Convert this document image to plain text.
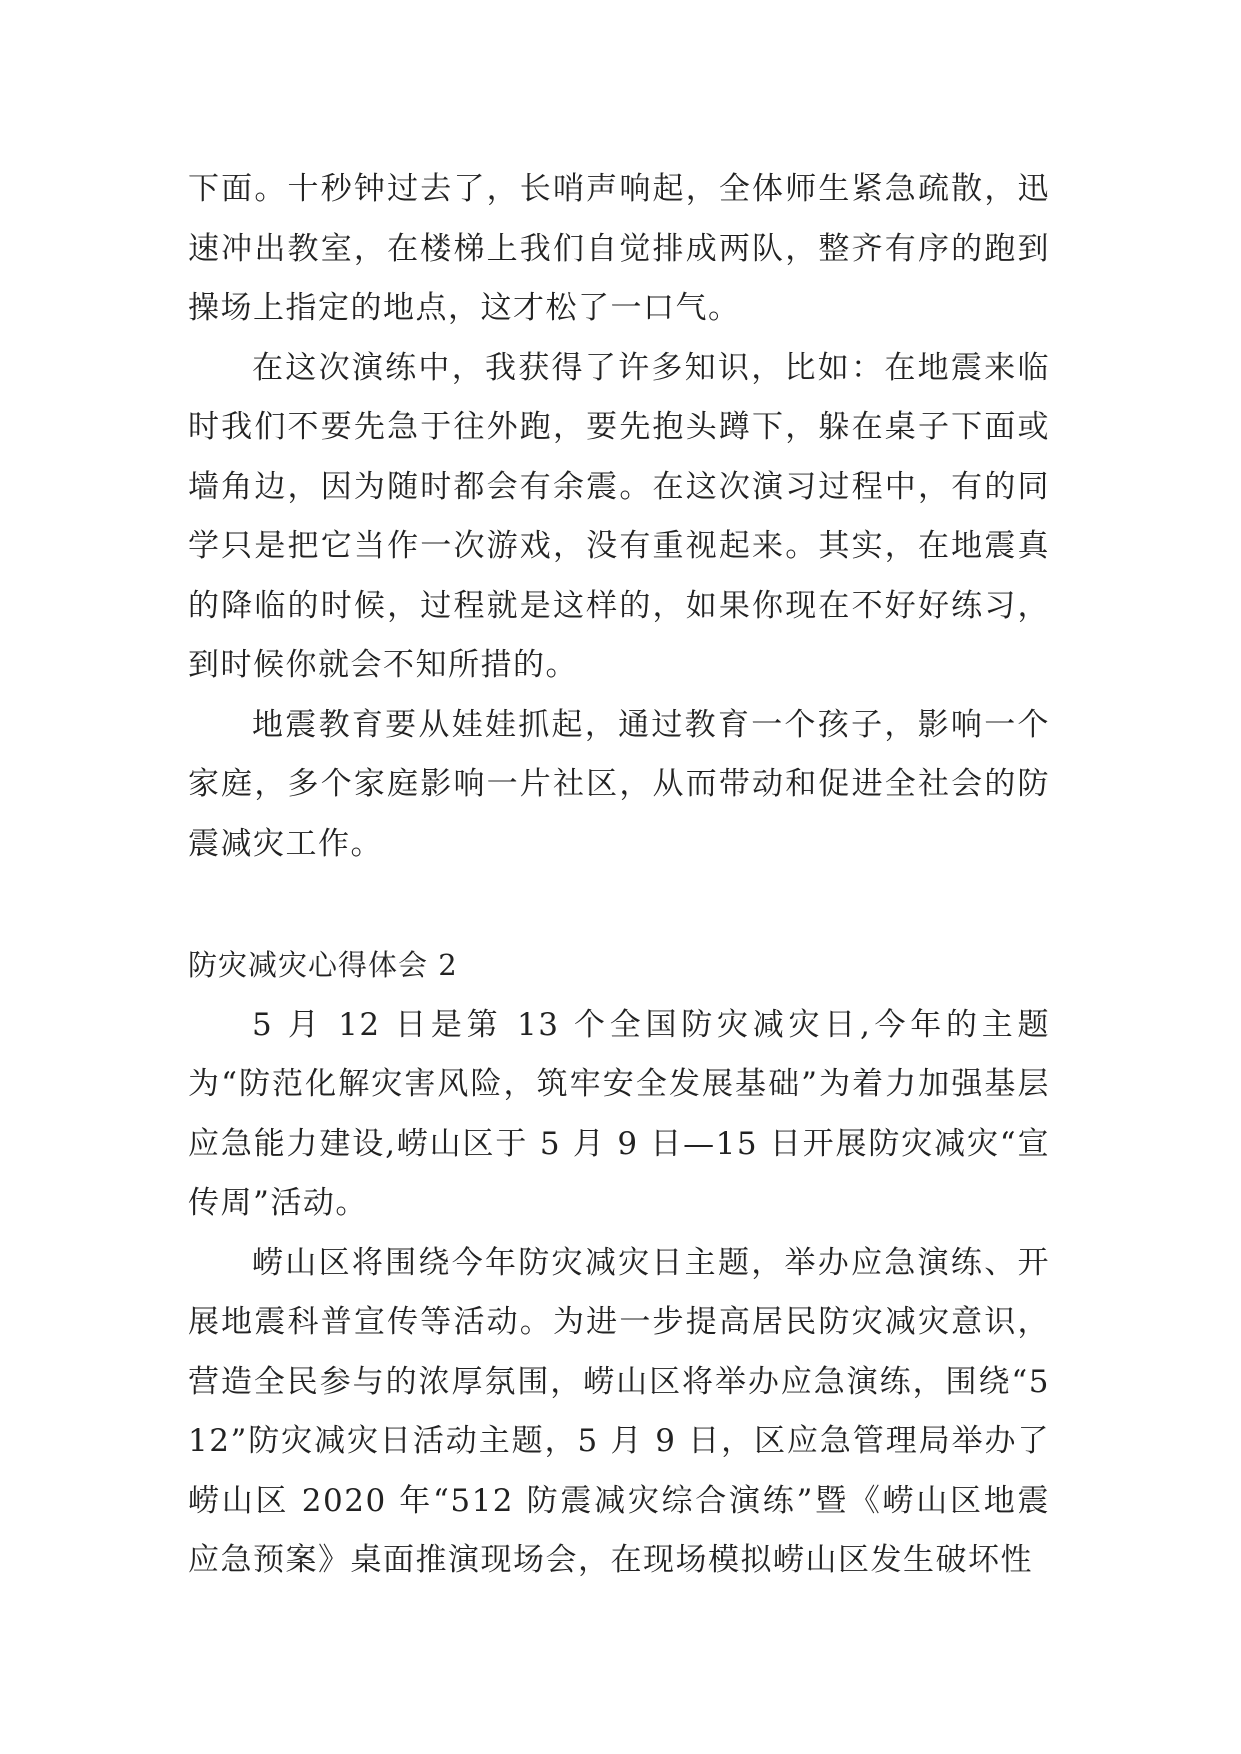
下面。十秒钟过去了，长哨声响起，全体师生紧急疏散，迅速冲出教室，在楼梯上我们自觉排成两队，整齐有序的跑到操场上指定的地点，这才松了一口气。

在这次演练中，我获得了许多知识，比如：在地震来临时我们不要先急于往外跑，要先抱头蹲下，躲在桌子下面或墙角边，因为随时都会有余震。在这次演习过程中，有的同学只是把它当作一次游戏，没有重视起来。其实，在地震真的降临的时候，过程就是这样的，如果你现在不好好练习，到时候你就会不知所措的。

地震教育要从娃娃抓起，通过教育一个孩子，影响一个家庭，多个家庭影响一片社区，从而带动和促进全社会的防震减灾工作。

防灾减灾心得体会 2

5 月 12 日是第 13 个全国防灾减灾日,今年的主题为“防范化解灾害风险，筑牢安全发展基础”为着力加强基层应急能力建设,崂山区于 5 月 9 日—15 日开展防灾减灾“宣传周”活动。

崂山区将围绕今年防灾减灾日主题，举办应急演练、开展地震科普宣传等活动。为进一步提高居民防灾减灾意识，营造全民参与的浓厚氛围，崂山区将举办应急演练，围绕“512”防灾减灾日活动主题，5 月 9 日，区应急管理局举办了崂山区 2020 年“512 防震减灾综合演练”暨《崂山区地震应急预案》桌面推演现场会，在现场模拟崂山区发生破坏性
